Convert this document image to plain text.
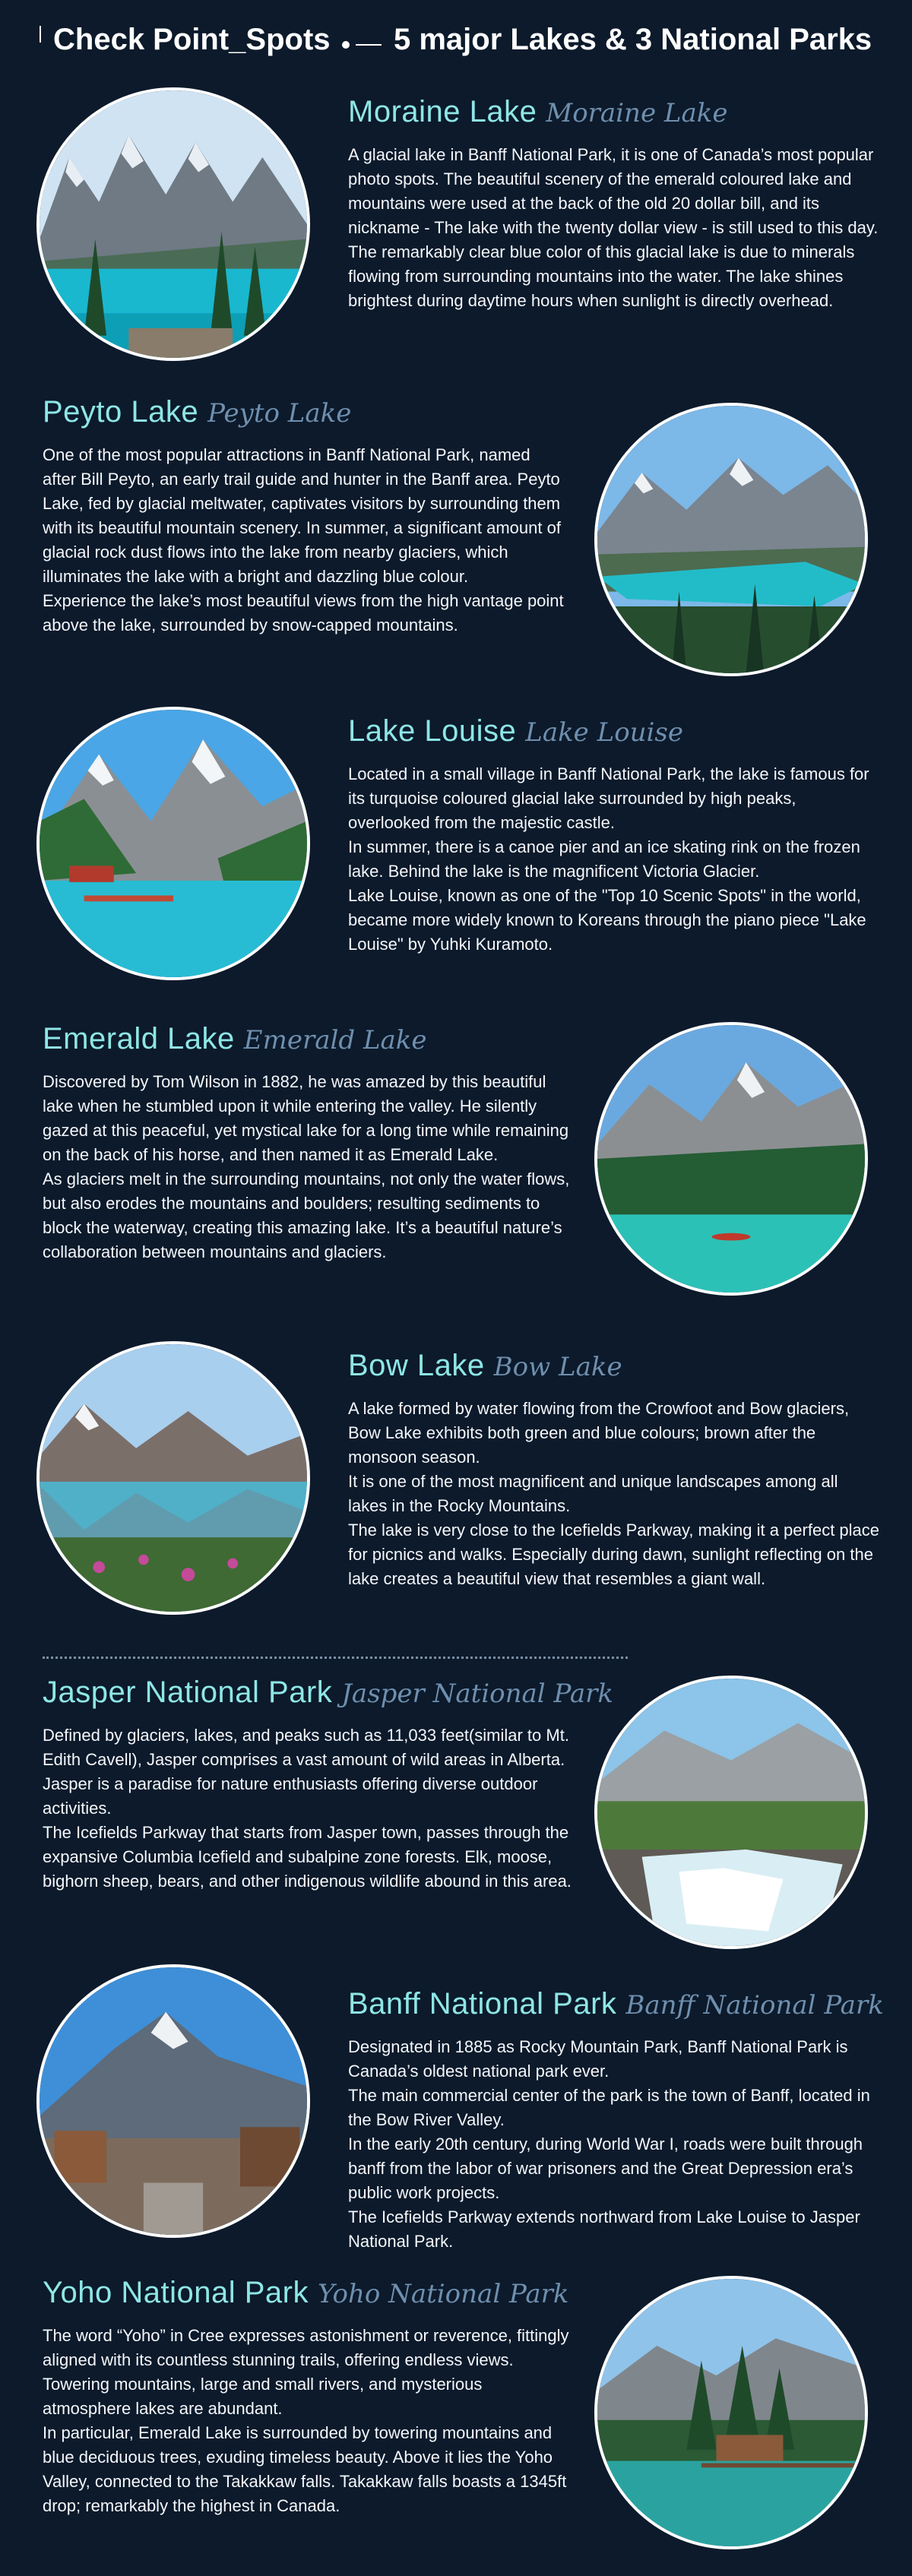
Check Point_Spots 5 major Lakes & 3 National Parks
Moraine Lake Moraine Lake

A glacial lake in Banff National Park, it is one of Canada’s most popular photo spots. The beautiful scenery of the emerald coloured lake and mountains were used at the back of the old 20 dollar bill, and its nickname - The lake with the twenty dollar view - is still used to this day.

The remarkably clear blue color of this glacial lake is due to minerals flowing from surrounding mountains into the water. The lake shines brightest during daytime hours when sunlight is directly overhead.

Peyto Lake Peyto Lake

One of the most popular attractions in Banff National Park, named after Bill Peyto, an early trail guide and hunter in the Banff area. Peyto Lake, fed by glacial meltwater, captivates visitors by surrounding them with its beautiful mountain scenery. In summer, a significant amount of glacial rock dust flows into the lake from nearby glaciers, which illuminates the lake with a bright and dazzling blue colour.

Experience the lake’s most beautiful views from the high vantage point above the lake, surrounded by snow-capped mountains.

Lake Louise Lake Louise

Located in a small village in Banff National Park, the lake is famous for its turquoise coloured glacial lake surrounded by high peaks, overlooked from the majestic castle.

In summer, there is a canoe pier and an ice skating rink on the frozen lake. Behind the lake is the magnificent Victoria Glacier.

Lake Louise, known as one of the "Top 10 Scenic Spots" in the world, became more widely known to Koreans through the piano piece "Lake Louise" by Yuhki Kuramoto.

Emerald Lake Emerald Lake

Discovered by Tom Wilson in 1882, he was amazed by this beautiful lake when he stumbled upon it while entering the valley. He silently gazed at this peaceful, yet mystical lake for a long time while remaining on the back of his horse, and then named it as Emerald Lake.

As glaciers melt in the surrounding mountains, not only the water flows, but also erodes the mountains and boulders; resulting sediments to block the waterway, creating this amazing lake. It’s a beautiful nature’s collaboration between mountains and glaciers.

Bow Lake Bow Lake

A lake formed by water flowing from the Crowfoot and Bow glaciers, Bow Lake exhibits both green and blue colours; brown after the monsoon season.

It is one of the most magnificent and unique landscapes among all lakes in the Rocky Mountains.

The lake is very close to the Icefields Parkway, making it a perfect place for picnics and walks. Especially during dawn, sunlight reflecting on the lake creates a beautiful view that resembles a giant wall.

Jasper National Park Jasper National Park

Defined by glaciers, lakes, and peaks such as 11,033 feet(similar to Mt. Edith Cavell), Jasper comprises a vast amount of wild areas in Alberta. Jasper is a paradise for nature enthusiasts offering diverse outdoor activities.

The Icefields Parkway that starts from Jasper town, passes through the expansive Columbia Icefield and subalpine zone forests. Elk, moose, bighorn sheep, bears, and other indigenous wildlife abound in this area.

Banff National Park Banff National Park

Designated in 1885 as Rocky Mountain Park, Banff National Park is Canada’s oldest national park ever.

The main commercial center of the park is the town of Banff, located in the Bow River Valley.

In the early 20th century, during World War I, roads were built through banff from the labor of war prisoners and the Great Depression era’s public work projects.

The Icefields Parkway extends northward from Lake Louise to Jasper National Park.

Yoho National Park Yoho National Park

The word “Yoho” in Cree expresses astonishment or reverence, fittingly aligned with its countless stunning trails, offering endless views.

Towering mountains, large and small rivers, and mysterious atmosphere lakes are abundant.

In particular, Emerald Lake is surrounded by towering mountains and blue deciduous trees, exuding timeless beauty. Above it lies the Yoho Valley, connected to the Takakkaw falls. Takakkaw falls boasts a 1345ft drop; remarkably the highest in Canada.
